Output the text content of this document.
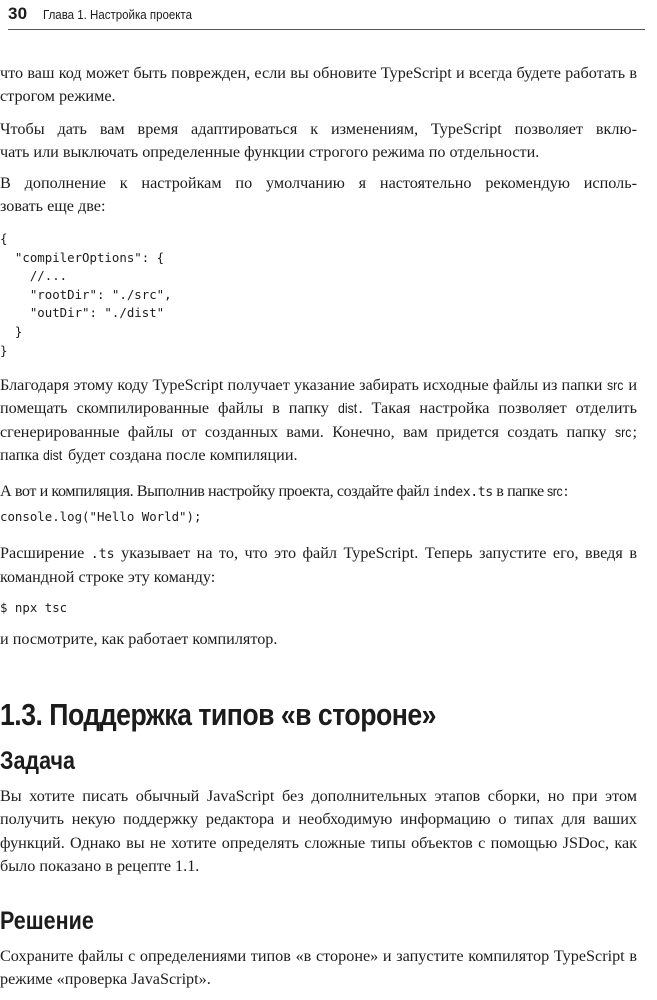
30 Глава 1. Настройка проекта

что ваш код может быть поврежден, если вы обновите TypeScript и всегда будете работать в строгом режиме.

Чтобы дать вам время адаптироваться к изменениям, TypeScript позволяет вклю-

чать или выключать определенные функции строгого режима по отдельности.

В дополнение к настройкам по умолчанию я настоятельно рекомендую исполь-

зовать еще две:

{
"compilerOptions": {
//...
"rootDir": "./src",
"outDir": "./dist"
}
}

Благодаря этому коду TypeScript получает указание забирать исходные файлы из папки src и помещать скомпилированные файлы в папку dist. Такая настройка позволяет отделить сгенерированные файлы от созданных вами. Конечно, вам придется создать папку src; папка dist будет создана после компиляции.

А вот и компиляция. Выполнив настройку проекта, создайте файл index.ts в папке src:

console.log("Hello World");

Расширение .ts указывает на то, что это файл TypeScript. Теперь запустите его, введя в командной строке эту команду:

$ npx tsc

и посмотрите, как работает компилятор.

1.3. Поддержка типов «в стороне»
Задача

Вы хотите писать обычный JavaScript без дополнительных этапов сборки, но при этом получить некую поддержку редактора и необходимую информацию о типах для ваших функций. Однако вы не хотите определять сложные типы объектов с помощью JSDoc, как было показано в рецепте 1.1.

Решение

Сохраните файлы с определениями типов «в стороне» и запустите компилятор TypeScript в режиме «проверка JavaScript».
